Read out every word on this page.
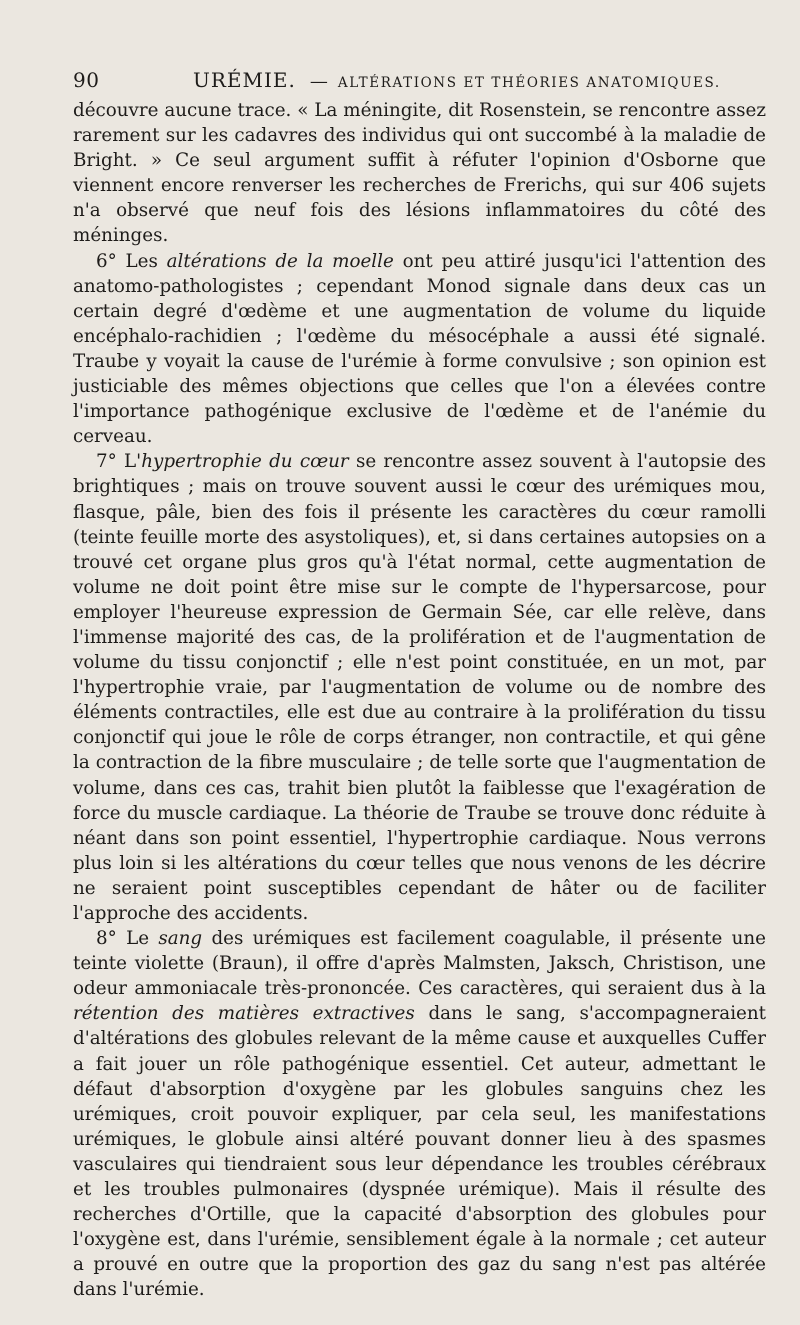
90	URÉMIE. — ALTÉRATIONS ET THÉORIES ANATOMIQUES.

découvre aucune trace. « La méningite, dit Rosenstein, se rencontre assez rarement sur les cadavres des individus qui ont succombé à la maladie de Bright. » Ce seul argument suffit à réfuter l'opinion d'Osborne que viennent encore renverser les recherches de Frerichs, qui sur 406 sujets n'a observé que neuf fois des lésions inflammatoires du côté des méninges.

6° Les altérations de la moelle ont peu attiré jusqu'ici l'attention des anatomo-pathologistes ; cependant Monod signale dans deux cas un certain degré d'œdème et une augmentation de volume du liquide encéphalo-rachidien ; l'œdème du mésocéphale a aussi été signalé. Traube y voyait la cause de l'urémie à forme convulsive ; son opinion est justiciable des mêmes objections que celles que l'on a élevées contre l'importance pathogénique exclusive de l'œdème et de l'anémie du cerveau.

7° L'hypertrophie du cœur se rencontre assez souvent à l'autopsie des brightiques ; mais on trouve souvent aussi le cœur des urémiques mou, flasque, pâle, bien des fois il présente les caractères du cœur ramolli (teinte feuille morte des asystoliques), et, si dans certaines autopsies on a trouvé cet organe plus gros qu'à l'état normal, cette augmentation de volume ne doit point être mise sur le compte de l'hypersarcose, pour employer l'heureuse expression de Germain Sée, car elle relève, dans l'immense majorité des cas, de la prolifération et de l'augmentation de volume du tissu conjonctif ; elle n'est point constituée, en un mot, par l'hypertrophie vraie, par l'augmentation de volume ou de nombre des éléments contractiles, elle est due au contraire à la prolifération du tissu conjonctif qui joue le rôle de corps étranger, non contractile, et qui gêne la contraction de la fibre musculaire ; de telle sorte que l'augmentation de volume, dans ces cas, trahit bien plutôt la faiblesse que l'exagération de force du muscle cardiaque. La théorie de Traube se trouve donc réduite à néant dans son point essentiel, l'hypertrophie cardiaque. Nous verrons plus loin si les altérations du cœur telles que nous venons de les décrire ne seraient point susceptibles cependant de hâter ou de faciliter l'approche des accidents.

8° Le sang des urémiques est facilement coagulable, il présente une teinte violette (Braun), il offre d'après Malmsten, Jaksch, Christison, une odeur ammoniacale très-prononcée. Ces caractères, qui seraient dus à la rétention des matières extractives dans le sang, s'accompagneraient d'altérations des globules relevant de la même cause et auxquelles Cuffer a fait jouer un rôle pathogénique essentiel. Cet auteur, admettant le défaut d'absorption d'oxygène par les globules sanguins chez les urémiques, croit pouvoir expliquer, par cela seul, les manifestations urémiques, le globule ainsi altéré pouvant donner lieu à des spasmes vasculaires qui tiendraient sous leur dépendance les troubles cérébraux et les troubles pulmonaires (dyspnée urémique). Mais il résulte des recherches d'Ortille, que la capacité d'absorption des globules pour l'oxygène est, dans l'urémie, sensiblement égale à la normale ; cet auteur a prouvé en outre que la proportion des gaz du sang n'est pas altérée dans l'urémie.
